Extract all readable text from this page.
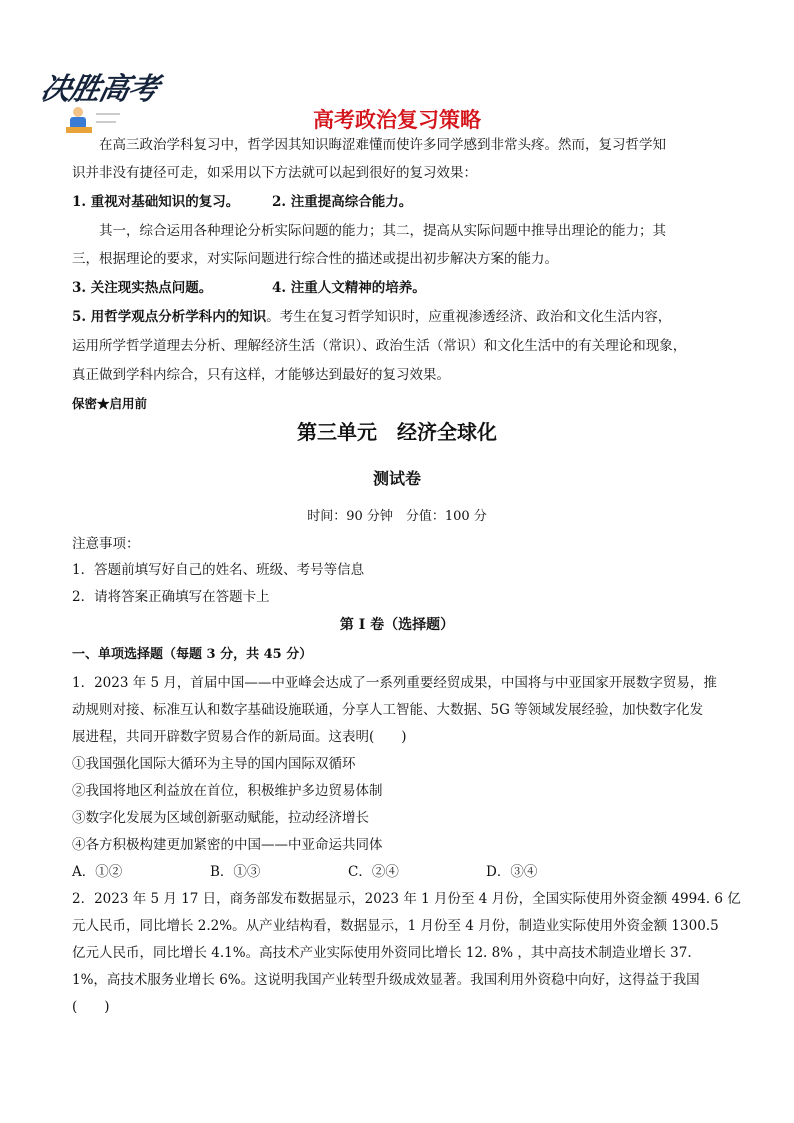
决胜高考
高考政治复习策略
在高三政治学科复习中，哲学因其知识晦涩难懂而使许多同学感到非常头疼。然而，复习哲学知
识并非没有捷径可走，如采用以下方法就可以起到很好的复习效果：
1. 重视对基础知识的复习。 2. 注重提高综合能力。
其一，综合运用各种理论分析实际问题的能力；其二，提高从实际问题中推导出理论的能力；其
三，根据理论的要求，对实际问题进行综合性的描述或提出初步解决方案的能力。
3. 关注现实热点问题。	4. 注重人文精神的培养。
5. 用哲学观点分析学科内的知识。考生在复习哲学知识时，应重视渗透经济、政治和文化生活内容，
运用所学哲学道理去分析、理解经济生活（常识）、政治生活（常识）和文化生活中的有关理论和现象，
真正做到学科内综合，只有这样，才能够达到最好的复习效果。
保密★启用前
第三单元　经济全球化
测试卷
时间：90 分钟　分值：100 分
注意事项：
1．答题前填写好自己的姓名、班级、考号等信息
2．请将答案正确填写在答题卡上
第 I 卷（选择题）
一、单项选择题（每题 3 分，共 45 分）
1．2023 年 5 月，首届中国——中亚峰会达成了一系列重要经贸成果，中国将与中亚国家开展数字贸易，推
动规则对接、标准互认和数字基础设施联通，分享人工智能、大数据、5G 等领域发展经验，加快数字化发
展进程，共同开辟数字贸易合作的新局面。这表明(　　)
①我国强化国际大循环为主导的国内国际双循环
②我国将地区利益放在首位，积极维护多边贸易体制
③数字化发展为区域创新驱动赋能，拉动经济增长
④各方积极构建更加紧密的中国——中亚命运共同体
A．①②	B．①③	C．②④	D．③④
2．2023 年 5 月 17 日，商务部发布数据显示，2023 年 1 月份至 4 月份，全国实际使用外资金额 4994. 6 亿
元人民币，同比增长 2.2%。从产业结构看，数据显示，1 月份至 4 月份，制造业实际使用外资金额 1300.5
亿元人民币，同比增长 4.1%。高技术产业实际使用外资同比增长 12. 8% ，其中高技术制造业增长 37.
1%，高技术服务业增长 6%。这说明我国产业转型升级成效显著。我国利用外资稳中向好，这得益于我国
(　　)
